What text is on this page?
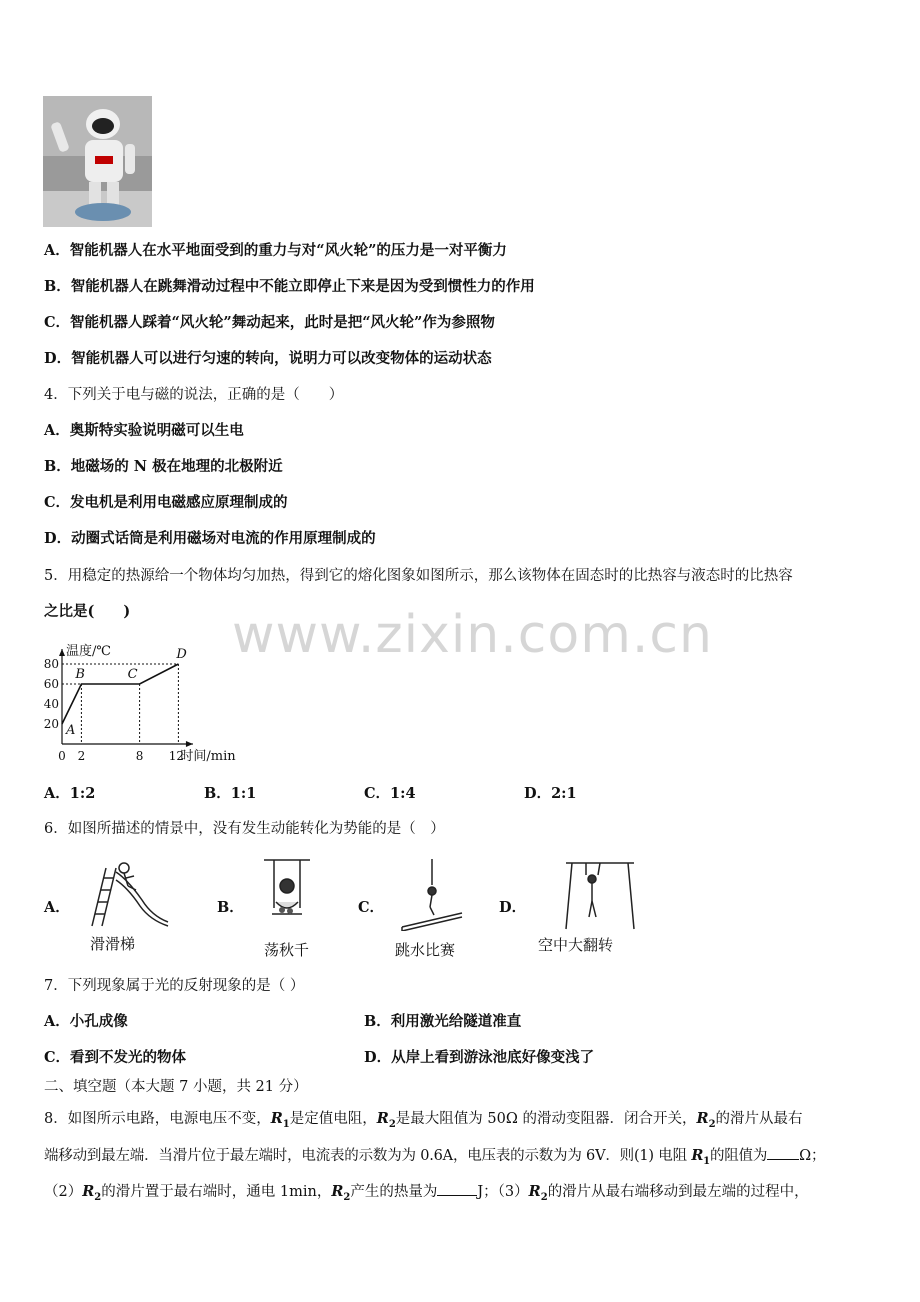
A．智能机器人在水平地面受到的重力与对“风火轮”的压力是一对平衡力
B．智能机器人在跳舞滑动过程中不能立即停止下来是因为受到惯性力的作用
C．智能机器人踩着“风火轮”舞动起来，此时是把“风火轮”作为参照物
D．智能机器人可以进行匀速的转向，说明力可以改变物体的运动状态
4．下列关于电与磁的说法，正确的是（　　）
A．奥斯特实验说明磁可以生电
B．地磁场的 N 极在地理的北极附近
C．发电机是利用电磁感应原理制成的
D．动圈式话筒是利用磁场对电流的作用原理制成的
5．用稳定的热源给一个物体均匀加热，得到它的熔化图象如图所示，那么该物体在固态时的比热容与液态时的比热容
之比是(　　) www.zixin.com.cn
温度/℃
时间/min
20
40
60
80
0 2	8 12
A
B	C
D
A．1:2	B．1:1	C．1:4	D．2:1
6．如图所描述的情景中，没有发生动能转化为势能的是（　）
A．
滑滑梯
B．
荡秋千
C．
跳水比赛
D．
空中大翻转
7．下列现象属于光的反射现象的是（ ）
A．小孔成像	B．利用激光给隧道准直
C．看到不发光的物体	D．从岸上看到游泳池底好像变浅了
二、填空题（本大题 7 小题，共 21 分）
8．如图所示电路，电源电压不变，$R_1$是定值电阻，$R_2$是最大阻值为 50Ω 的滑动变阻器．闭合开关，$R_2$的滑片从最右
端移动到最左端．当滑片位于最左端时，电流表的示数为为 0.6A，电压表的示数为为 6V．则(1) 电阻 $R_1$的阻值为 Ω；
$(2)R_2$的滑片置于最右端时，通电 1min，$R_2$产生的热量为	J；$(3)R_2$的滑片从最右端移动到最左端的过程中，
